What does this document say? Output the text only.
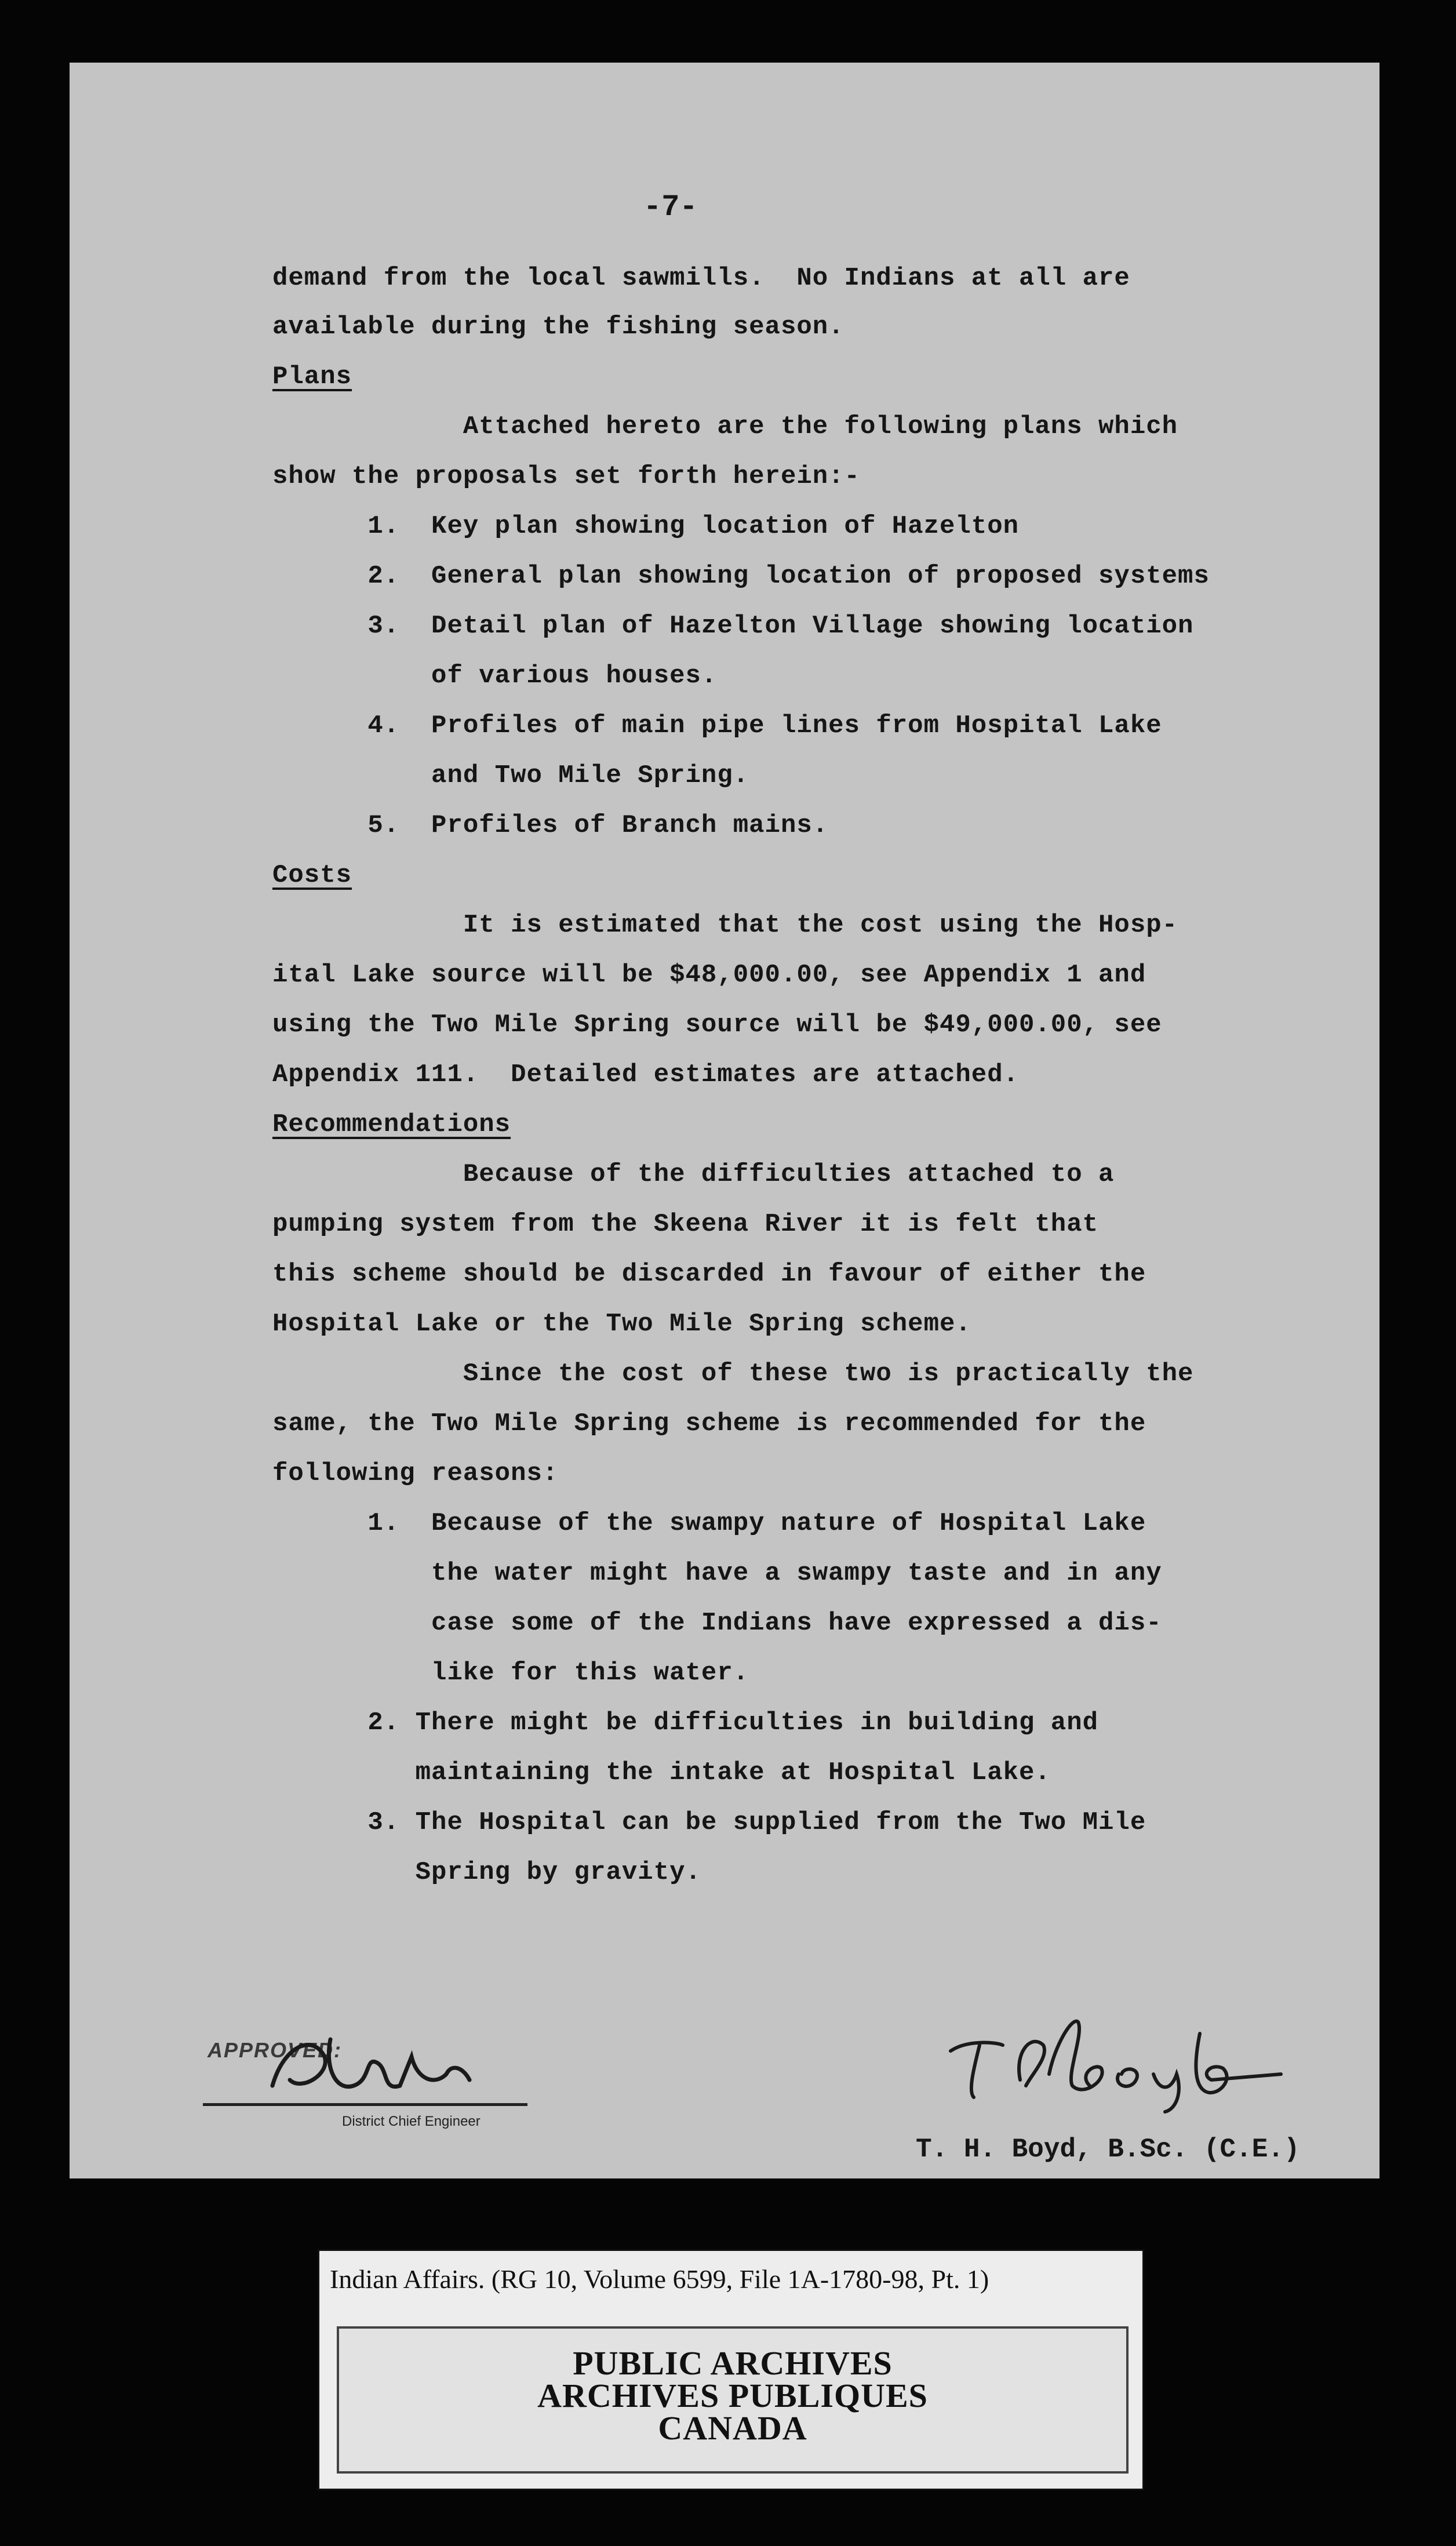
-7-
demand from the local sawmills.  No Indians at all are
available during the fishing season.
Plans
Attached hereto are the following plans which
show the proposals set forth herein:-
1.  Key plan showing location of Hazelton
2.  General plan showing location of proposed systems
3.  Detail plan of Hazelton Village showing location
of various houses.
4.  Profiles of main pipe lines from Hospital Lake
and Two Mile Spring.
5.  Profiles of Branch mains.
Costs
It is estimated that the cost using the Hosp-
ital Lake source will be $48,000.00, see Appendix 1 and
using the Two Mile Spring source will be $49,000.00, see
Appendix 111.  Detailed estimates are attached.
Recommendations
Because of the difficulties attached to a
pumping system from the Skeena River it is felt that
this scheme should be discarded in favour of either the
Hospital Lake or the Two Mile Spring scheme.
Since the cost of these two is practically the
same, the Two Mile Spring scheme is recommended for the
following reasons:
1.  Because of the swampy nature of Hospital Lake
the water might have a swampy taste and in any
case some of the Indians have expressed a dis-
like for this water.
2. There might be difficulties in building and
maintaining the intake at Hospital Lake.
3. The Hospital can be supplied from the Two Mile
Spring by gravity.
APPROVED:
District Chief Engineer
T. H. Boyd, B.Sc. (C.E.)
Indian Affairs. (RG 10, Volume 6599, File 1A-1780-98, Pt. 1)
PUBLIC ARCHIVES
ARCHIVES PUBLIQUES
CANADA
